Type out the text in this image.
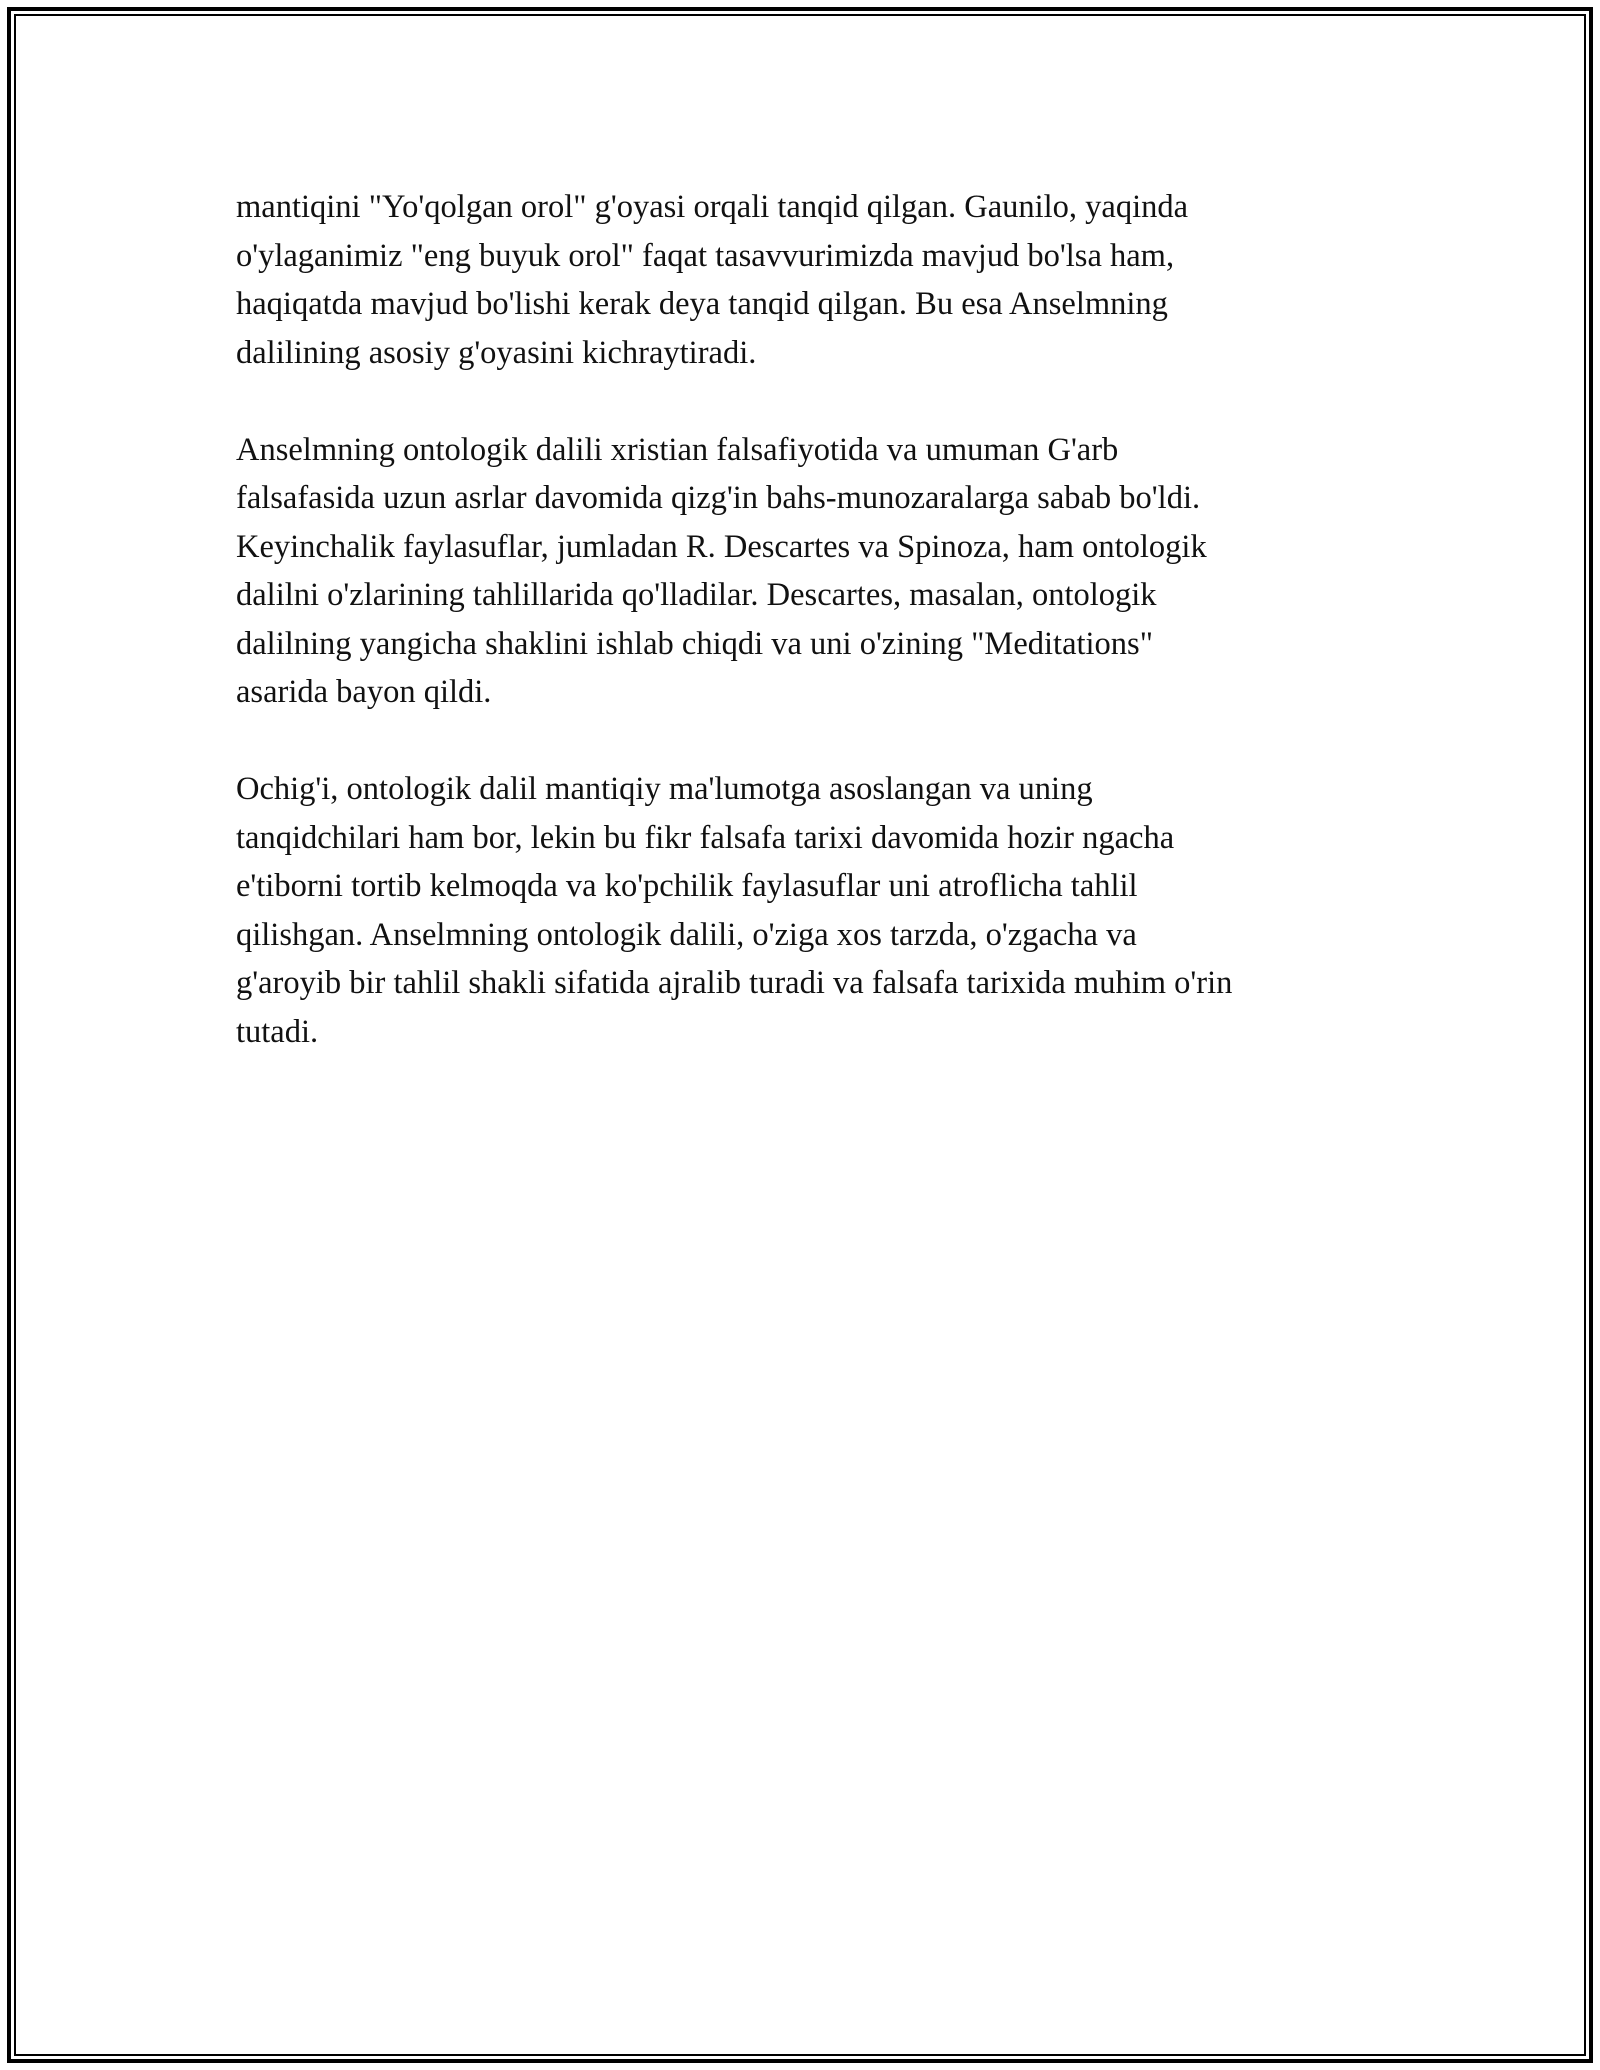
mantiqini "Yo'qolgan orol" g'oyasi orqali tanqid qilgan. Gaunilo, yaqinda
o'ylaganimiz "eng buyuk orol" faqat tasavvurimizda mavjud bo'lsa ham,
haqiqatda mavjud bo'lishi kerak deya tanqid qilgan. Bu esa Anselmning
dalilining asosiy g'oyasini kichraytiradi.

Anselmning ontologik dalili xristian falsafiyotida va umuman G'arb
falsafasida uzun asrlar davomida qizg'in bahs-munozaralarga sabab bo'ldi.
Keyinchalik faylasuflar, jumladan R. Descartes va Spinoza, ham ontologik
dalilni o'zlarining tahlillarida qo'lladilar. Descartes, masalan, ontologik
dalilning yangicha shaklini ishlab chiqdi va uni o'zining "Meditations"
asarida bayon qildi.

Ochig'i, ontologik dalil mantiqiy ma'lumotga asoslangan va uning
tanqidchilari ham bor, lekin bu fikr falsafa tarixi davomida hozir ngacha
e'tiborni tortib kelmoqda va ko'pchilik faylasuflar uni atroflicha tahlil
qilishgan. Anselmning ontologik dalili, o'ziga xos tarzda, o'zgacha va
g'aroyib bir tahlil shakli sifatida ajralib turadi va falsafa tarixida muhim o'rin
tutadi.
